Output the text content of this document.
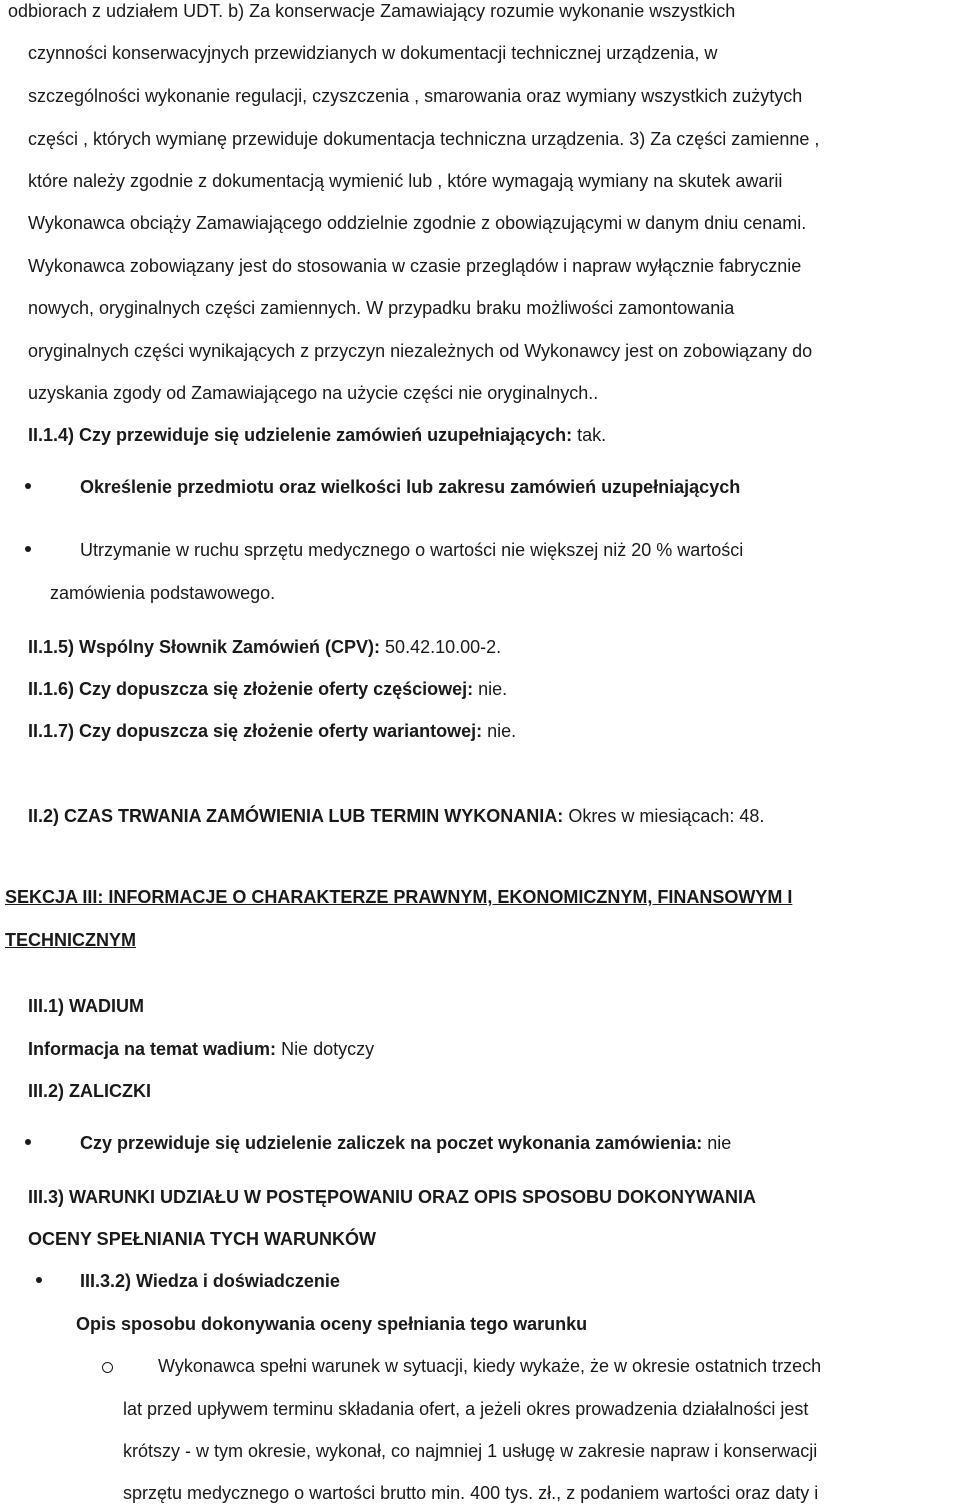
odbiorach z udziałem UDT. b) Za konserwacje Zamawiający rozumie wykonanie wszystkich
czynności konserwacyjnych przewidzianych w dokumentacji technicznej urządzenia, w
szczególności wykonanie regulacji, czyszczenia , smarowania oraz wymiany wszystkich zużytych
części , których wymianę przewiduje dokumentacja techniczna urządzenia. 3) Za części zamienne ,
które należy zgodnie z dokumentacją wymienić lub , które wymagają wymiany na skutek awarii
Wykonawca obciąży Zamawiającego oddzielnie zgodnie z obowiązującymi w danym dniu cenami.
Wykonawca zobowiązany jest do stosowania w czasie przeglądów i napraw wyłącznie fabrycznie
nowych, oryginalnych części zamiennych. W przypadku braku możliwości zamontowania
oryginalnych części wynikających z przyczyn niezależnych od Wykonawcy jest on zobowiązany do
uzyskania zgody od Zamawiającego na użycie części nie oryginalnych..
II.1.4) Czy przewiduje się udzielenie zamówień uzupełniających: tak.
Określenie przedmiotu oraz wielkości lub zakresu zamówień uzupełniających
Utrzymanie w ruchu sprzętu medycznego o wartości nie większej niż 20 % wartości
zamówienia podstawowego.
II.1.5) Wspólny Słownik Zamówień (CPV): 50.42.10.00-2.
II.1.6) Czy dopuszcza się złożenie oferty częściowej: nie.
II.1.7) Czy dopuszcza się złożenie oferty wariantowej: nie.
II.2) CZAS TRWANIA ZAMÓWIENIA LUB TERMIN WYKONANIA: Okres w miesiącach: 48.
SEKCJA III: INFORMACJE O CHARAKTERZE PRAWNYM, EKONOMICZNYM, FINANSOWYM I
TECHNICZNYM
III.1) WADIUM
Informacja na temat wadium: Nie dotyczy
III.2) ZALICZKI
Czy przewiduje się udzielenie zaliczek na poczet wykonania zamówienia: nie
III.3) WARUNKI UDZIAŁU W POSTĘPOWANIU ORAZ OPIS SPOSOBU DOKONYWANIA
OCENY SPEŁNIANIA TYCH WARUNKÓW
III.3.2) Wiedza i doświadczenie
Opis sposobu dokonywania oceny spełniania tego warunku
Wykonawca spełni warunek w sytuacji, kiedy wykaże, że w okresie ostatnich trzech
lat przed upływem terminu składania ofert, a jeżeli okres prowadzenia działalności jest
krótszy - w tym okresie, wykonał, co najmniej 1 usługę w zakresie napraw i konserwacji
sprzętu medycznego o wartości brutto min. 400 tys. zł., z podaniem wartości oraz daty i
